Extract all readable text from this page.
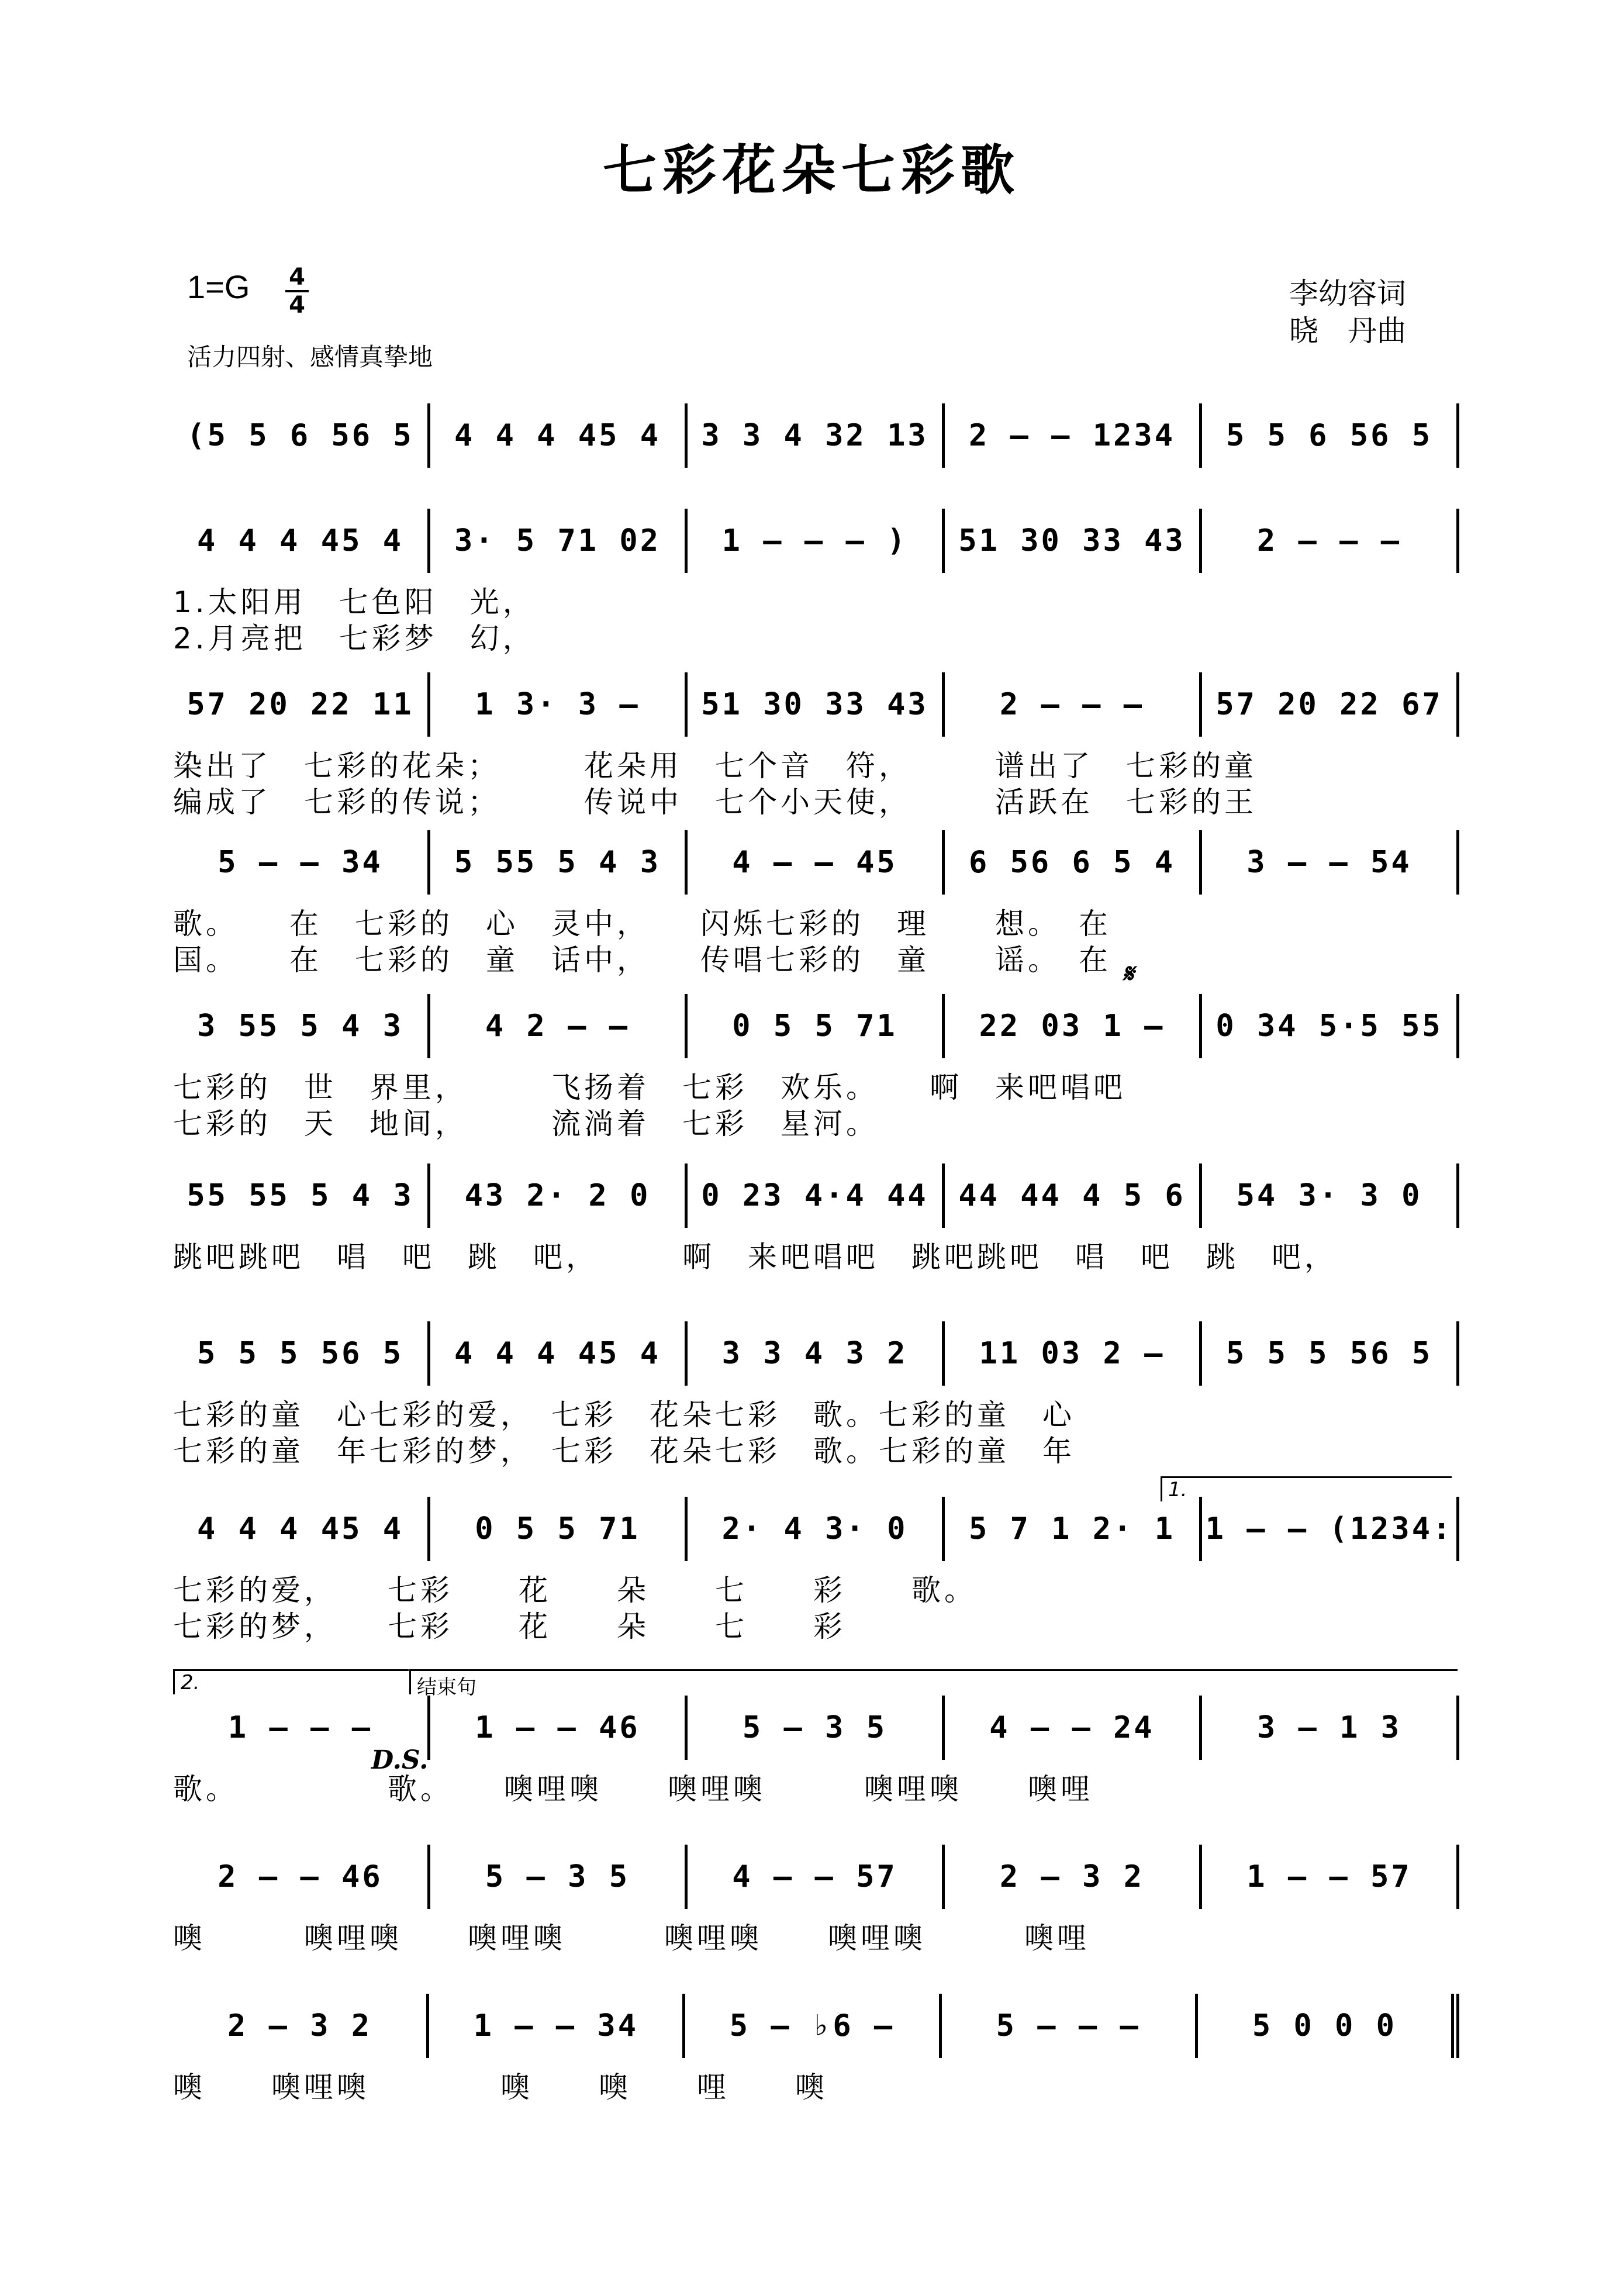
七彩花朵七彩歌
$1=G \frac{4}{4}$
活力四射、感情真挚地
李幼容词
晓　丹曲
(5 5 6 56 5	4 4 4 45 4	3 3 4 32 13	2 – – 1234	5 5 6 56 5
4 4 4 45 4	3· 5 71 02	1 – – – )	51 30 33 43	2 – – –
1.太阳用　七色阳　光，
2.月亮把　七彩梦　幻，
57 20 22 11	1 3· 3 –	51 30 33 43	2 – – –	57 20 22 67
染出了　七彩的花朵；　　　花朵用　七个音　符，　　　谱出了　七彩的童
编成了　七彩的传说；　　　传说中　七个小天使，　　　活跃在　七彩的王
5 – – 34	5 55 5 4 3	4 – – 45	6 56 6 5 4	3 – – 54
歌。　　在　七彩的　心　灵中，　　闪烁七彩的　理　　想。　在
国。　　在　七彩的　童　话中，　　传唱七彩的　童　　谣。　在
3 55 5 4 3	4 2 – –	0 5 5 71	22 03 1 –	0 34 5·5 55
七彩的　世　界里，　　　飞扬着　七彩　欢乐。　　啊　来吧唱吧
七彩的　天　地间，　　　流淌着　七彩　星河。
55 55 5 4 3	43 2· 2 0	0 23 4·4 44 44 44 4 5 6	54 3· 3 0
跳吧跳吧　唱　吧　跳　吧，　　　啊　来吧唱吧　跳吧跳吧　唱　吧　跳　吧，
5 5 5 56 5	4 4 4 45 4	3 3 4 3 2	11 03 2 –	5 5 5 56 5
七彩的童　心七彩的爱，　七彩　花朵七彩　歌。七彩的童　心
七彩的童　年七彩的梦，　七彩　花朵七彩　歌。七彩的童　年
4 4 4 45 4	0 5 5 71	2· 4 3· 0	5 7 1 2· 1 1 – – (1234:
七彩的爱，　　七彩　　花　　朵　　七　　彩　　歌。
七彩的梦，　　七彩　　花　　朵　　七　　彩
1 – – –	1 – – 46	5 – 3 5	4 – – 24	3 – 1 3
歌。　　　　　歌。　　噢哩噢　　噢哩噢　　　噢哩噢　　噢哩
2 – – 46	5 – 3 5	4 – – 57	2 – 3 2	1 – – 57
噢　　　噢哩噢　　噢哩噢　　　噢哩噢　　噢哩噢　　　噢哩
2 – 3 2	1 – – 34	5 – ♭6 –	5 – – –	5 0 0 0
噢　　噢哩噢　　　　噢　　噢　　哩　　噢
𝄋
D.S.
1.
2.	结束句
